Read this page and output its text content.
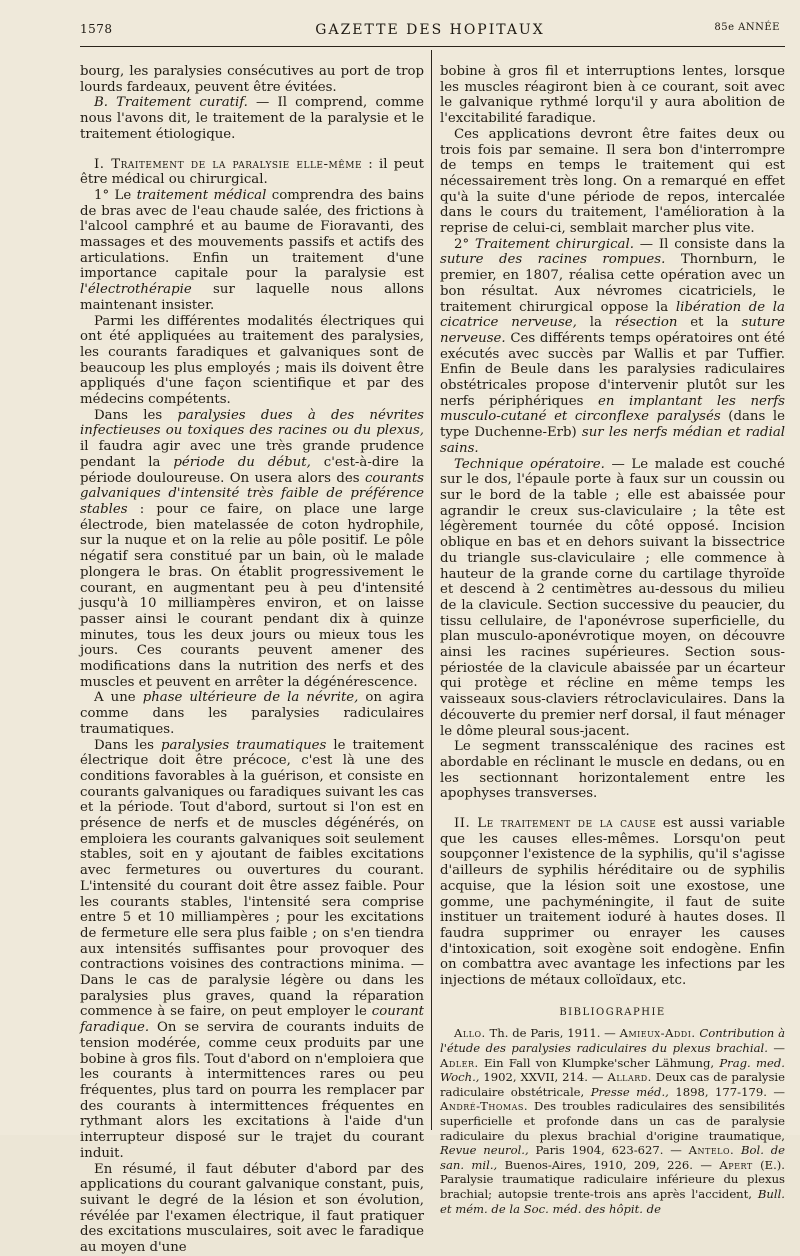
1578	GAZETTE DES HOPITAUX	85e ANNÉE

bourg, les paralysies consécutives au port de trop lourds fardeaux, peuvent être évitées.

B. Traitement curatif. — Il comprend, comme nous l'avons dit, le traitement de la paralysie et le traitement étiologique.

I. Traitement de la paralysie elle-même : il peut être médical ou chirurgical.

1° Le traitement médical comprendra des bains de bras avec de l'eau chaude salée, des frictions à l'alcool camphré et au baume de Fioravanti, des massages et des mouvements passifs et actifs des articulations. Enfin un traitement d'une importance capitale pour la paralysie est l'électrothérapie sur laquelle nous allons maintenant insister.

Parmi les différentes modalités électriques qui ont été appliquées au traitement des paralysies, les courants faradiques et galvaniques sont de beaucoup les plus employés ; mais ils doivent être appliqués d'une façon scientifique et par des médecins compétents.

Dans les paralysies dues à des névrites infectieuses ou toxiques des racines ou du plexus, il faudra agir avec une très grande prudence pendant la période du début, c'est-à-dire la période douloureuse. On usera alors des courants galvaniques d'intensité très faible de préférence stables : pour ce faire, on place une large électrode, bien matelassée de coton hydrophile, sur la nuque et on la relie au pôle positif. Le pôle négatif sera constitué par un bain, où le malade plongera le bras. On établit progressivement le courant, en augmentant peu à peu d'intensité jusqu'à 10 milliampères environ, et on laisse passer ainsi le courant pendant dix à quinze minutes, tous les deux jours ou mieux tous les jours. Ces courants peuvent amener des modifications dans la nutrition des nerfs et des muscles et peuvent en arrêter la dégénérescence.

A une phase ultérieure de la névrite, on agira comme dans les paralysies radiculaires traumatiques.

Dans les paralysies traumatiques le traitement électrique doit être précoce, c'est là une des conditions favorables à la guérison, et consiste en courants galvaniques ou faradiques suivant les cas et la période. Tout d'abord, surtout si l'on est en présence de nerfs et de muscles dégénérés, on emploiera les courants galvaniques soit seulement stables, soit en y ajoutant de faibles excitations avec fermetures ou ouvertures du courant. L'intensité du courant doit être assez faible. Pour les courants stables, l'intensité sera comprise entre 5 et 10 milliampères ; pour les excitations de fermeture elle sera plus faible ; on s'en tiendra aux intensités suffisantes pour provoquer des contractions voisines des contractions minima. — Dans le cas de paralysie légère ou dans les paralysies plus graves, quand la réparation commence à se faire, on peut employer le courant faradique. On se servira de courants induits de tension modérée, comme ceux produits par une bobine à gros fils. Tout d'abord on n'emploiera que les courants à intermittences rares ou peu fréquentes, plus tard on pourra les remplacer par des courants à intermittences fréquentes en rythmant alors les excitations à l'aide d'un interrupteur disposé sur le trajet du courant induit.

En résumé, il faut débuter d'abord par des applications du courant galvanique constant, puis, suivant le degré de la lésion et son évolution, révélée par l'examen électrique, il faut pratiquer des excitations musculaires, soit avec le faradique au moyen d'une

bobine à gros fil et interruptions lentes, lorsque les muscles réagiront bien à ce courant, soit avec le galvanique rythmé lorqu'il y aura abolition de l'excitabilité faradique.

Ces applications devront être faites deux ou trois fois par semaine. Il sera bon d'interrompre de temps en temps le traitement qui est nécessairement très long. On a remarqué en effet qu'à la suite d'une période de repos, intercalée dans le cours du traitement, l'amélioration à la reprise de celui-ci, semblait marcher plus vite.

2° Traitement chirurgical. — Il consiste dans la suture des racines rompues. Thornburn, le premier, en 1807, réalisa cette opération avec un bon résultat. Aux névromes cicatriciels, le traitement chirurgical oppose la libération de la cicatrice nerveuse, la résection et la suture nerveuse. Ces différents temps opératoires ont été exécutés avec succès par Wallis et par Tuffier. Enfin de Beule dans les paralysies radiculaires obstétricales propose d'intervenir plutôt sur les nerfs périphériques en implantant les nerfs musculo-cutané et circonflexe paralysés (dans le type Duchenne-Erb) sur les nerfs médian et radial sains.

Technique opératoire. — Le malade est couché sur le dos, l'épaule porte à faux sur un coussin ou sur le bord de la table ; elle est abaissée pour agrandir le creux sus-claviculaire ; la tête est légèrement tournée du côté opposé. Incision oblique en bas et en dehors suivant la bissectrice du triangle sus-claviculaire ; elle commence à hauteur de la grande corne du cartilage thyroïde et descend à 2 centimètres au-dessous du milieu de la clavicule. Section successive du peaucier, du tissu cellulaire, de l'aponévrose superficielle, du plan musculo-aponévrotique moyen, on découvre ainsi les racines supérieures. Section sous-périostée de la clavicule abaissée par un écarteur qui protège et récline en même temps les vaisseaux sous-claviers rétroclaviculaires. Dans la découverte du premier nerf dorsal, il faut ménager le dôme pleural sous-jacent.

Le segment transscalénique des racines est abordable en réclinant le muscle en dedans, ou en les sectionnant horizontalement entre les apophyses transverses.

II. Le traitement de la cause est aussi variable que les causes elles-mêmes. Lorsqu'on peut soupçonner l'existence de la syphilis, qu'il s'agisse d'ailleurs de syphilis héréditaire ou de syphilis acquise, que la lésion soit une exostose, une gomme, une pachyméningite, il faut de suite instituer un traitement ioduré à hautes doses. Il faudra supprimer ou enrayer les causes d'intoxication, soit exogène soit endogène. Enfin on combattra avec avantage les infections par les injections de métaux colloïdaux, etc.

BIBLIOGRAPHIE

Allo. Th. de Paris, 1911. — Amieux-Addi. Contribution à l'étude des paralysies radiculaires du plexus brachial. — Adler. Ein Fall von Klumpke'scher Lähmung, Prag. med. Woch., 1902, XXVII, 214. — Allard. Deux cas de paralysie radiculaire obstétricale, Presse méd., 1898, 177-179. — André-Thomas. Des troubles radiculaires des sensibilités superficielle et profonde dans un cas de paralysie radiculaire du plexus brachial d'origine traumatique, Revue neurol., Paris 1904, 623-627. — Antelo. Bol. de san. mil., Buenos-Aires, 1910, 209, 226. — Apert (E.). Paralysie traumatique radiculaire inférieure du plexus brachial; autopsie trente-trois ans après l'accident, Bull. et mém. de la Soc. méd. des hôpit. de
